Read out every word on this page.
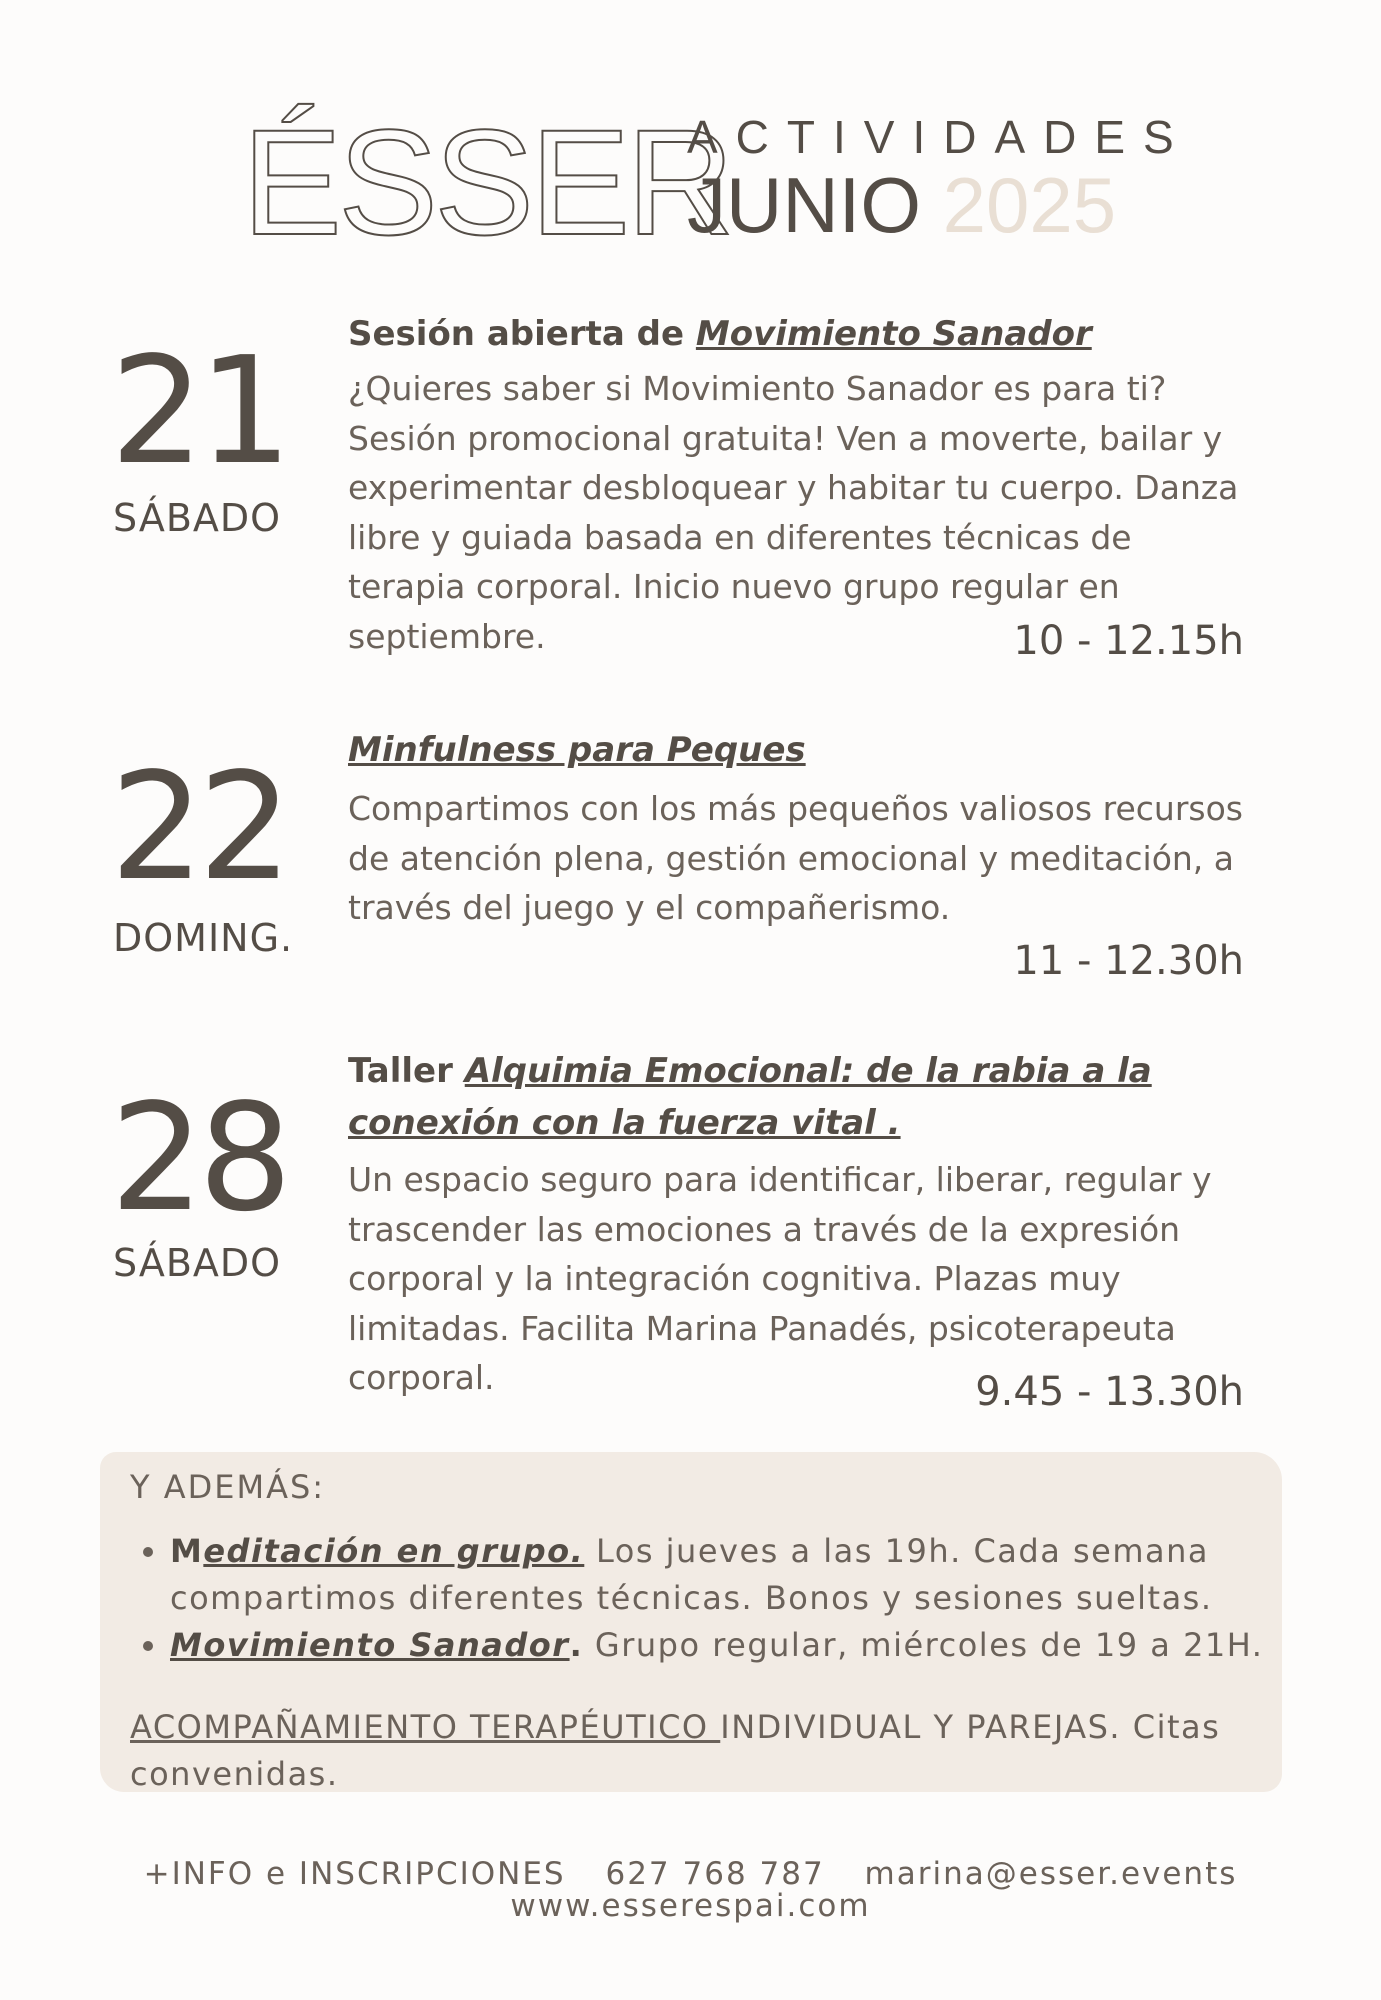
ÉSSER
ACTIVIDADES
JUNIO 2025
21
SÁBADO
Sesión abierta de Movimiento Sanador
¿Quieres saber si Movimiento Sanador es para ti? Sesión promocional gratuita! Ven a moverte, bailar y experimentar desbloquear y habitar tu cuerpo. Danza libre y guiada basada en diferentes técnicas de terapia corporal. Inicio nuevo grupo regular en septiembre.	10 - 12.15h
22
DOMING.
Minfulness para Peques
Compartimos con los más pequeños valiosos recursos de atención plena, gestión emocional y meditación, a través del juego y el compañerismo.
11 - 12.30h
28
SÁBADO
Taller Alquimia Emocional: de la rabia a la conexión con la fuerza vital .
Un espacio seguro para identificar, liberar, regular y trascender las emociones a través de la expresión corporal y la integración cognitiva. Plazas muy limitadas. Facilita Marina Panadés, psicoterapeuta corporal.	9.45 - 13.30h
Y ADEMÁS:
• Meditación en grupo. Los jueves a las 19h. Cada semana compartimos diferentes técnicas. Bonos y sesiones sueltas.
• Movimiento Sanador. Grupo regular, miércoles de 19 a 21H.
ACOMPAÑAMIENTO TERAPÉUTICO INDIVIDUAL Y PAREJAS. Citas convenidas.
+INFO e INSCRIPCIONES 627 768 787 marina@esser.events
www.esserespai.com
